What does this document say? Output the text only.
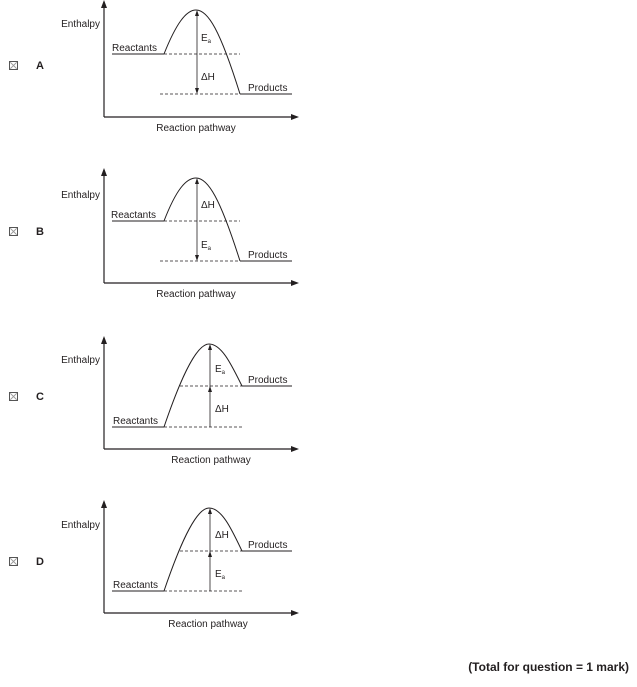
A
Enthalpy
Reaction pathway
Reactants
Products
$E_a$
ΔH
B
Enthalpy
Reaction pathway
Reactants
Products
ΔH
$E_a$
C
Enthalpy
Reaction pathway
Reactants
Products
$E_a$
ΔH
D
Enthalpy
Reaction pathway
Reactants
Products
ΔH
$E_a$
(Total for question = 1 mark)
